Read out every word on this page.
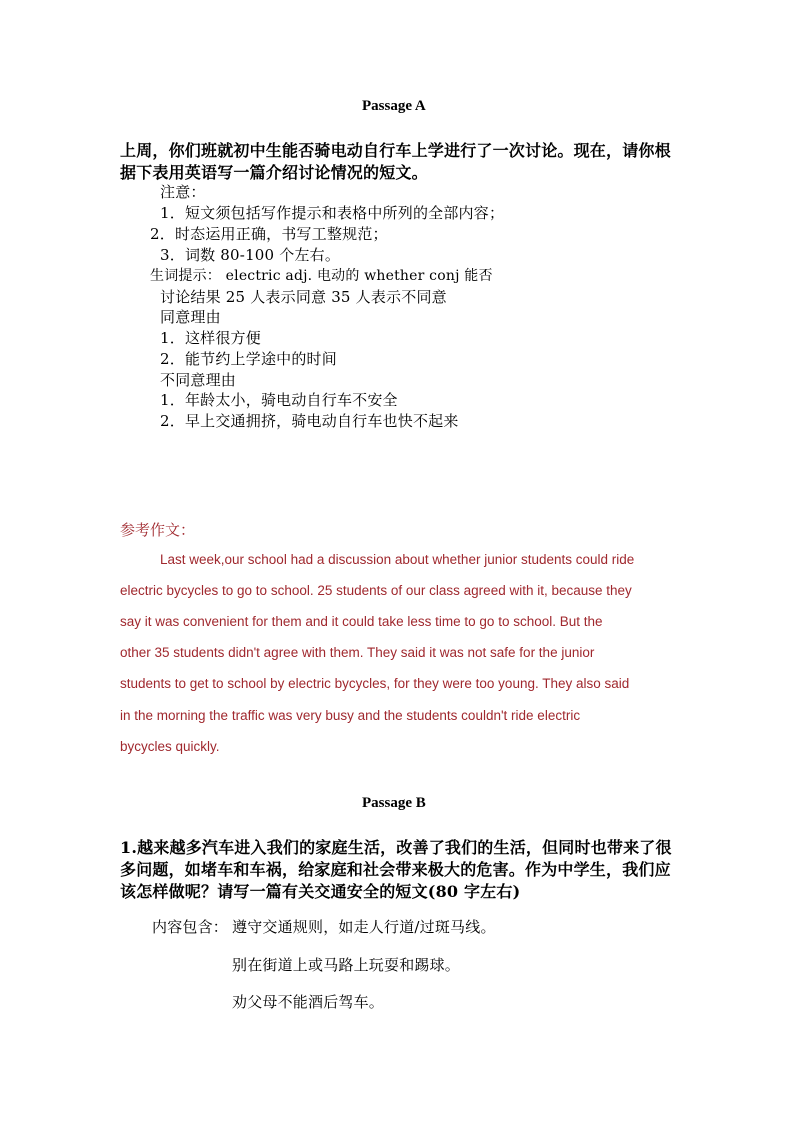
Passage A
上周，你们班就初中生能否骑电动自行车上学进行了一次讨论。现在，请你根
据下表用英语写一篇介绍讨论情况的短文。
注意：
1．短文须包括写作提示和表格中所列的全部内容；
2．时态运用正确，书写工整规范；
3．词数 80-100 个左右。
生词提示： electric adj. 电动的 whether conj 能否
讨论结果 25 人表示同意 35 人表示不同意
同意理由
1．这样很方便
2．能节约上学途中的时间
不同意理由
1．年龄太小，骑电动自行车不安全
2．早上交通拥挤，骑电动自行车也快不起来
参考作文：
Last week,our school had a discussion about whether junior students could ride
electric bycycles to go to school. 25 students of our class agreed with it, because they
say it was convenient for them and it could take less time to go to school. But the
other 35 students didn't agree with them. They said it was not safe for the junior
students to get to school by electric bycycles, for they were too young. They also said
in the morning the traffic was very busy and the students couldn't ride electric
bycycles quickly.
Passage B
1.越来越多汽车进入我们的家庭生活，改善了我们的生活，但同时也带来了很
多问题，如堵车和车祸，给家庭和社会带来极大的危害。作为中学生，我们应
该怎样做呢？请写一篇有关交通安全的短文(80 字左右)
内容包含： 遵守交通规则，如走人行道/过斑马线。
别在街道上或马路上玩耍和踢球。
劝父母不能酒后驾车。
